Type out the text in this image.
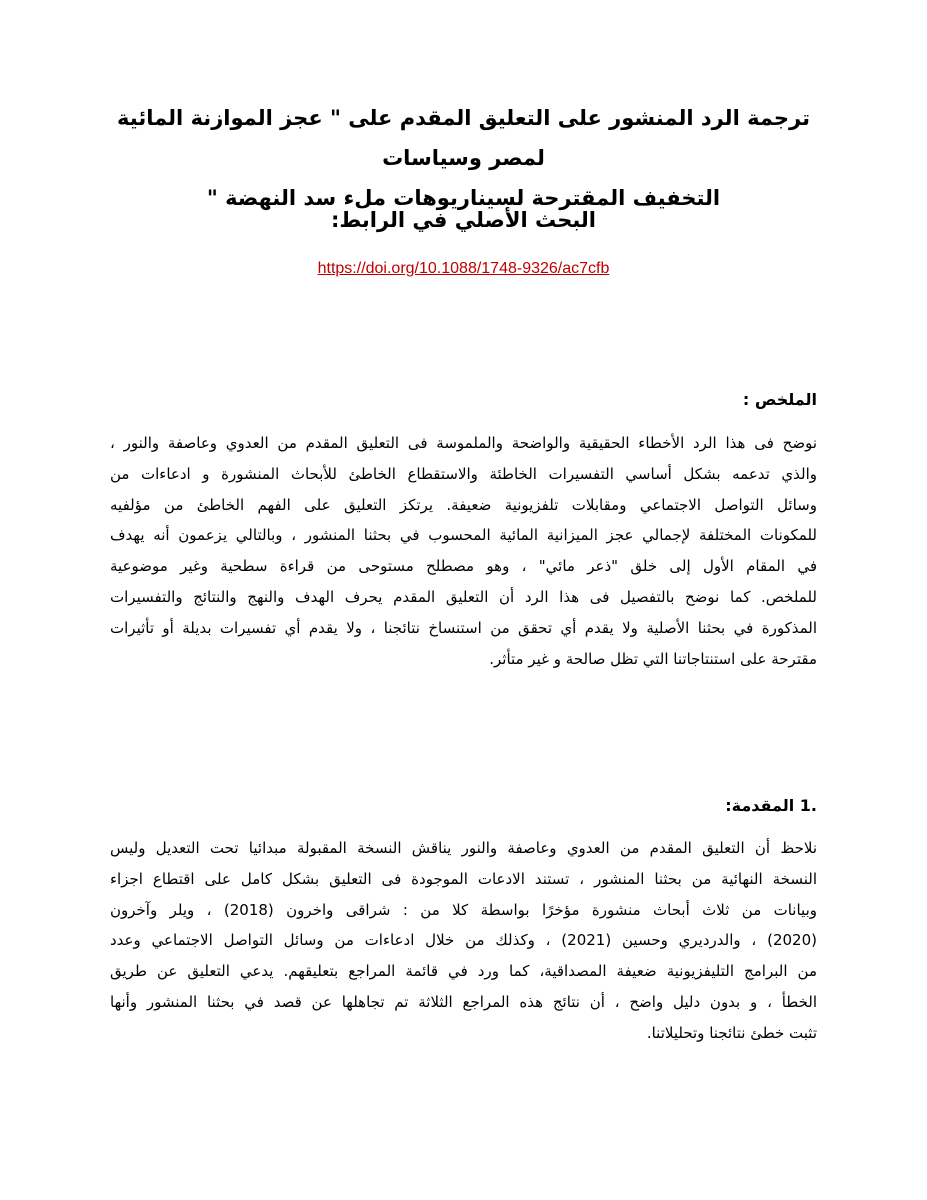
ترجمة الرد المنشور على التعليق المقدم على " عجز الموازنة المائية لمصر وسياسات
التخفيف المقترحة لسيناريوهات ملء سد النهضة "
البحث الأصلي في الرابط:
https://doi.org/10.1088/1748-9326/ac7cfb
الملخص :
نوضح فى هذا الرد الأخطاء الحقيقية والواضحة والملموسة فى التعليق المقدم من العدوي وعاصفة والنور ،
والذي تدعمه بشكل أساسي التفسيرات الخاطئة والاستقطاع الخاطئ للأبحاث المنشورة و ادعاءات من
وسائل التواصل الاجتماعي ومقابلات تلفزيونية ضعيفة. يرتكز التعليق على الفهم الخاطئ من مؤلفيه
للمكونات المختلفة لإجمالي عجز الميزانية المائية المحسوب في بحثنا المنشور ، وبالتالي يزعمون أنه يهدف
في المقام الأول إلى خلق "ذعر مائي" ، وهو مصطلح مستوحى من قراءة سطحية وغير موضوعية
للملخص. كما نوضح بالتفصيل فى هذا الرد أن التعليق المقدم يحرف الهدف والنهج والنتائج والتفسيرات
المذكورة في بحثنا الأصلية ولا يقدم أي تحقق من استنساخ نتائجنا ، ولا يقدم أي تفسيرات بديلة أو تأثيرات
مقترحة على استنتاجاتنا التي تظل صالحة و غير متأثر.
1. المقدمة:
نلاحظ أن التعليق المقدم من العدوي وعاصفة والنور يناقش النسخة المقبولة مبدائيا تحت التعديل وليس
النسخة النهائية من بحثنا المنشور ، تستند الادعات الموجودة فى التعليق بشكل كامل على اقتطاع اجزاء
وبيانات من ثلاث أبحاث منشورة مؤخرًا بواسطة كلا من : شراقى واخرون (2018) ، ويلر وآخرون
(2020) ، والدرديري وحسين (2021) ، وكذلك من خلال ادعاءات من وسائل التواصل الاجتماعي وعدد
من البرامج التليفزيونية ضعيفة المصداقية، كما ورد في قائمة المراجع بتعليقهم. يدعي التعليق عن طريق
الخطأ ، و بدون دليل واضح ، أن نتائج هذه المراجع الثلاثة تم تجاهلها عن قصد في بحثنا المنشور وأنها
تثبت خطئ نتائجنا وتحليلاتنا.
